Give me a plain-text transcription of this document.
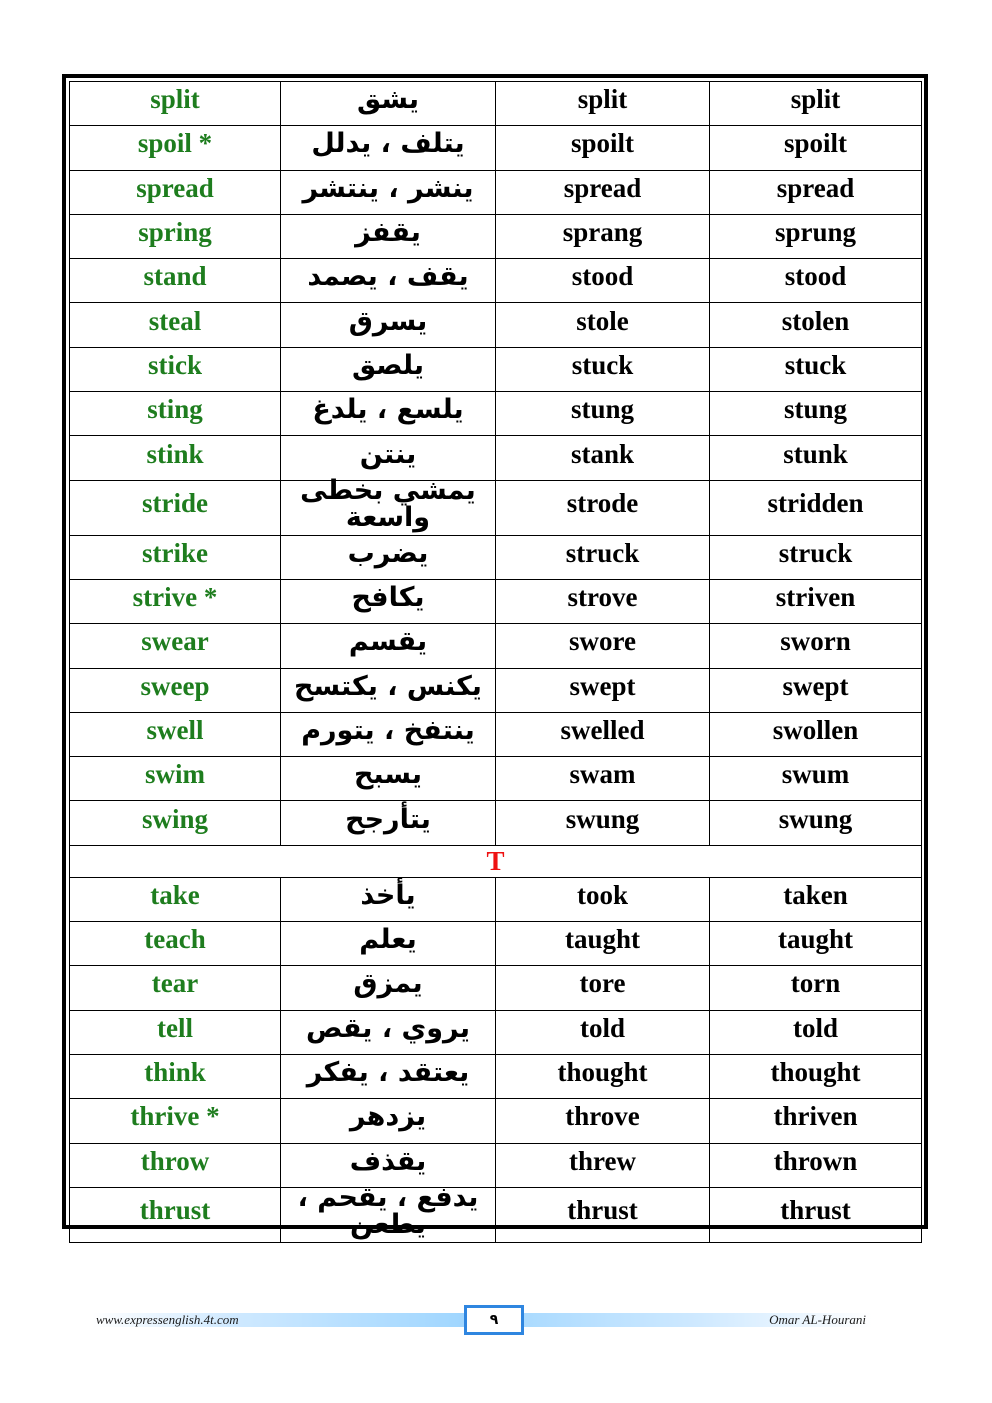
split	يشق	split	split
spoil *	يتلف ، يدلل	spoilt	spoilt
spread	ينشر ، ينتشر	spread	spread
spring	يقفز	sprang	sprung
stand	يقف ، يصمد	stood	stood
steal	يسرق	stole	stolen
stick	يلصق	stuck	stuck
sting	يلسع ، يلدغ	stung	stung
stink	ينتن	stank	stunk
stride	يمشي بخطى واسعة	strode	stridden
strike	يضرب	struck	struck
strive *	يكافح	strove	striven
swear	يقسم	swore	sworn
sweep	يكنس ، يكتسح	swept	swept
swell	ينتفخ ، يتورم	swelled	swollen
swim	يسبح	swam	swum
swing	يتأرجح	swung	swung
T			
take	يأخذ	took	taken
teach	يعلم	taught	taught
tear	يمزق	tore	torn
tell	يروي ، يقص	told	told
think	يعتقد ، يفكر	thought	thought
thrive *	يزدهر	throve	thriven
throw	يقذف	threw	thrown
thrust	يدفع ، يقحم ، يطعن	thrust	thrust
www.expressenglish.4t.com	٩	Omar AL-Hourani
